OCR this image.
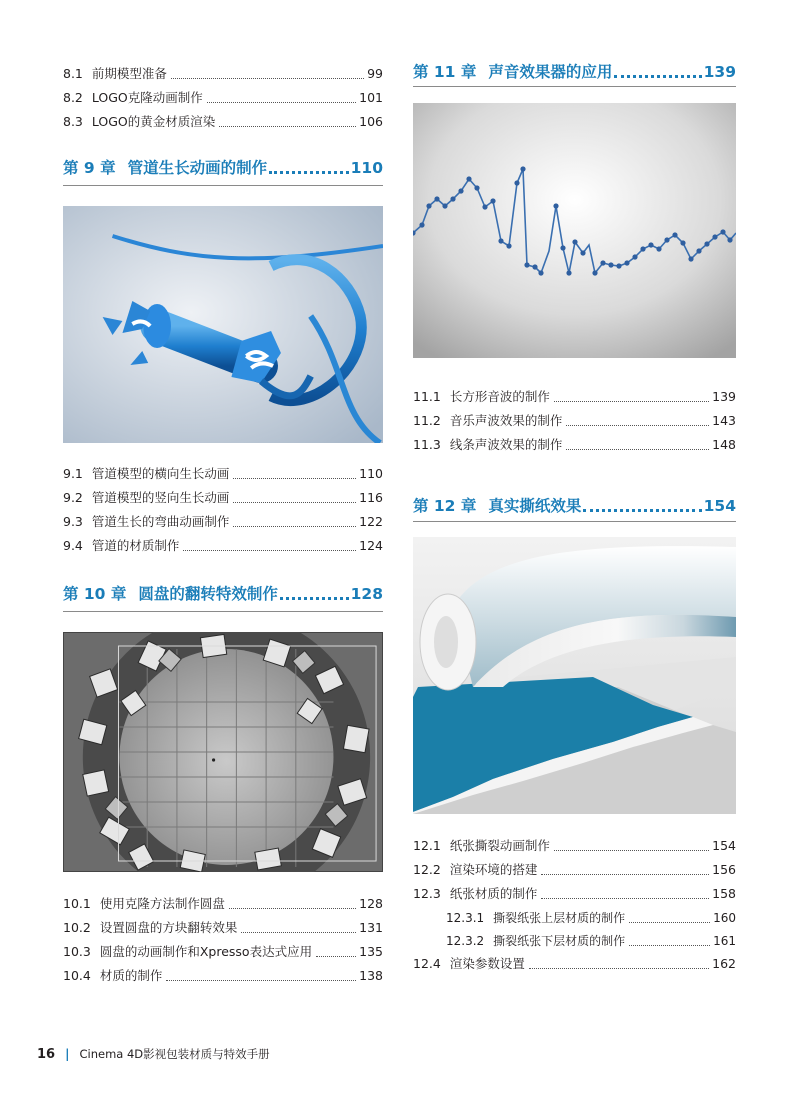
8.1 前期模型准备	99
8.2 LOGO克隆动画制作	101
8.3 LOGO的黄金材质渲染	106
第 9 章 管道生长动画的制作	110
9.1 管道模型的横向生长动画	110
9.2 管道模型的竖向生长动画	116
9.3 管道生长的弯曲动画制作	122
9.4 管道的材质制作	124
第 10 章 圆盘的翻转特效制作	128
10.1 使用克隆方法制作圆盘	128
10.2 设置圆盘的方块翻转效果	131
10.3 圆盘的动画制作和Xpresso表达式应用	135
10.4 材质的制作	138
第 11 章 声音效果器的应用	139
11.1 长方形音波的制作	139
11.2 音乐声波效果的制作	143
11.3 线条声波效果的制作	148
第 12 章 真实撕纸效果	154
12.1 纸张撕裂动画制作	154
12.2 渲染环境的搭建	156
12.3 纸张材质的制作	158
12.3.1 撕裂纸张上层材质的制作	160
12.3.2 撕裂纸张下层材质的制作	161
12.4 渲染参数设置	162
16 | Cinema 4D影视包装材质与特效手册
